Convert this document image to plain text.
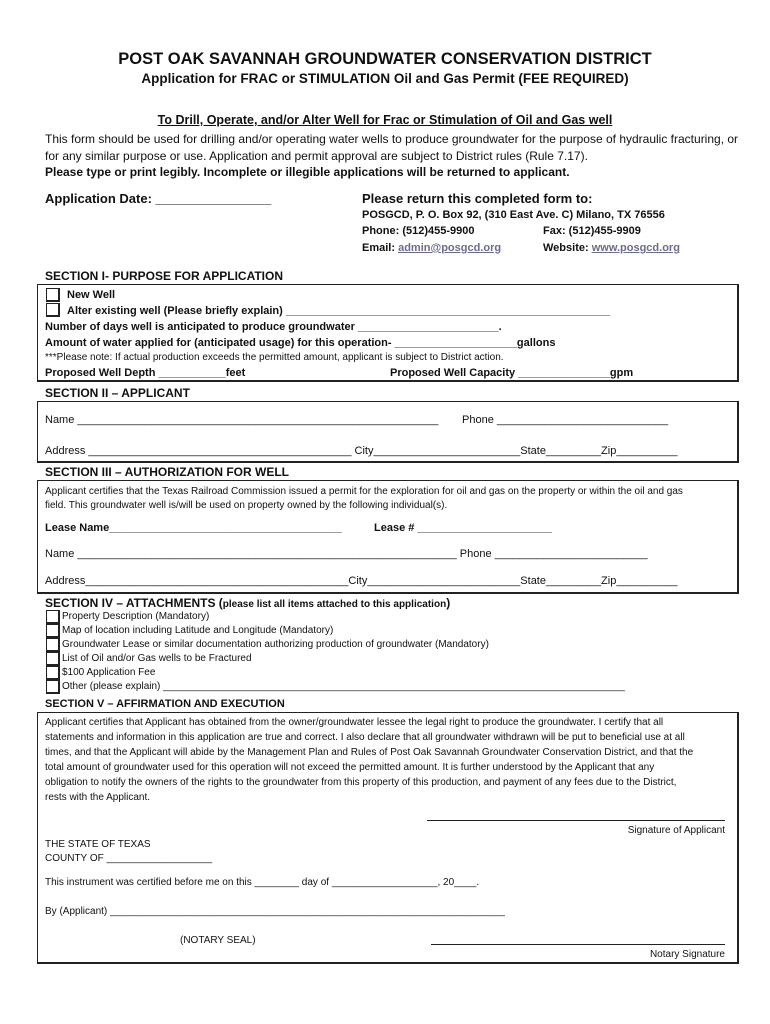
POST OAK SAVANNAH GROUNDWATER CONSERVATION DISTRICT
Application for FRAC or STIMULATION Oil and Gas Permit (FEE REQUIRED)
To Drill, Operate, and/or Alter Well for Frac or Stimulation of Oil and Gas well
This form should be used for drilling and/or operating water wells to produce groundwater for the purpose of hydraulic fracturing, or
for any similar purpose or use. Application and permit approval are subject to District rules (Rule 7.17).
Please type or print legibly. Incomplete or illegible applications will be returned to applicant.
Application Date: ________________	Please return this completed form to:
POSGCD, P. O. Box 92, (310 East Ave. C) Milano, TX 76556
Phone: (512)455-9900	Fax: (512)455-9909
Email: admin@posgcd.org	Website: www.posgcd.org
SECTION I- PURPOSE FOR APPLICATION
New Well
Alter existing well (Please briefly explain) _____________________________________________________
Number of days well is anticipated to produce groundwater _______________________.
Amount of water applied for (anticipated usage) for this operation- ____________________gallons
***Please note: If actual production exceeds the permitted amount, applicant is subject to District action.
Proposed Well Depth ___________feet	Proposed Well Capacity _______________gpm
SECTION II – APPLICANT
Name ___________________________________________________________ Phone ____________________________
Address ___________________________________________ City________________________State_________Zip__________
SECTION III – AUTHORIZATION FOR WELL
Applicant certifies that the Texas Railroad Commission issued a permit for the exploration for oil and gas on the property or within the oil and gas
field. This groundwater well is/will be used on property owned by the following individual(s).
Lease Name______________________________________	Lease # ______________________
Name ______________________________________________________________ Phone _________________________
Address___________________________________________City_________________________State_________Zip__________
SECTION IV – ATTACHMENTS (please list all items attached to this application)
Property Description (Mandatory)
Map of location including Latitude and Longitude (Mandatory)
Groundwater Lease or similar documentation authorizing production of groundwater (Mandatory)
List of Oil and/or Gas wells to be Fractured
$100 Application Fee
Other (please explain) ___________________________________________________________________________________
SECTION V – AFFIRMATION AND EXECUTION
Applicant certifies that Applicant has obtained from the owner/groundwater lessee the legal right to produce the groundwater. I certify that all
statements and information in this application are true and correct. I also declare that all groundwater withdrawn will be put to beneficial use at all
times, and that the Applicant will abide by the Management Plan and Rules of Post Oak Savannah Groundwater Conservation District, and that the
total amount of groundwater used for this operation will not exceed the permitted amount. It is further understood by the Applicant that any
obligation to notify the owners of the rights to the groundwater from this property of this production, and payment of any fees due to the District,
rests with the Applicant.
Signature of Applicant
THE STATE OF TEXAS
COUNTY OF ___________________
This instrument was certified before me on this ________ day of ___________________, 20____.
By (Applicant) _______________________________________________________________________
(NOTARY SEAL)
Notary Signature
